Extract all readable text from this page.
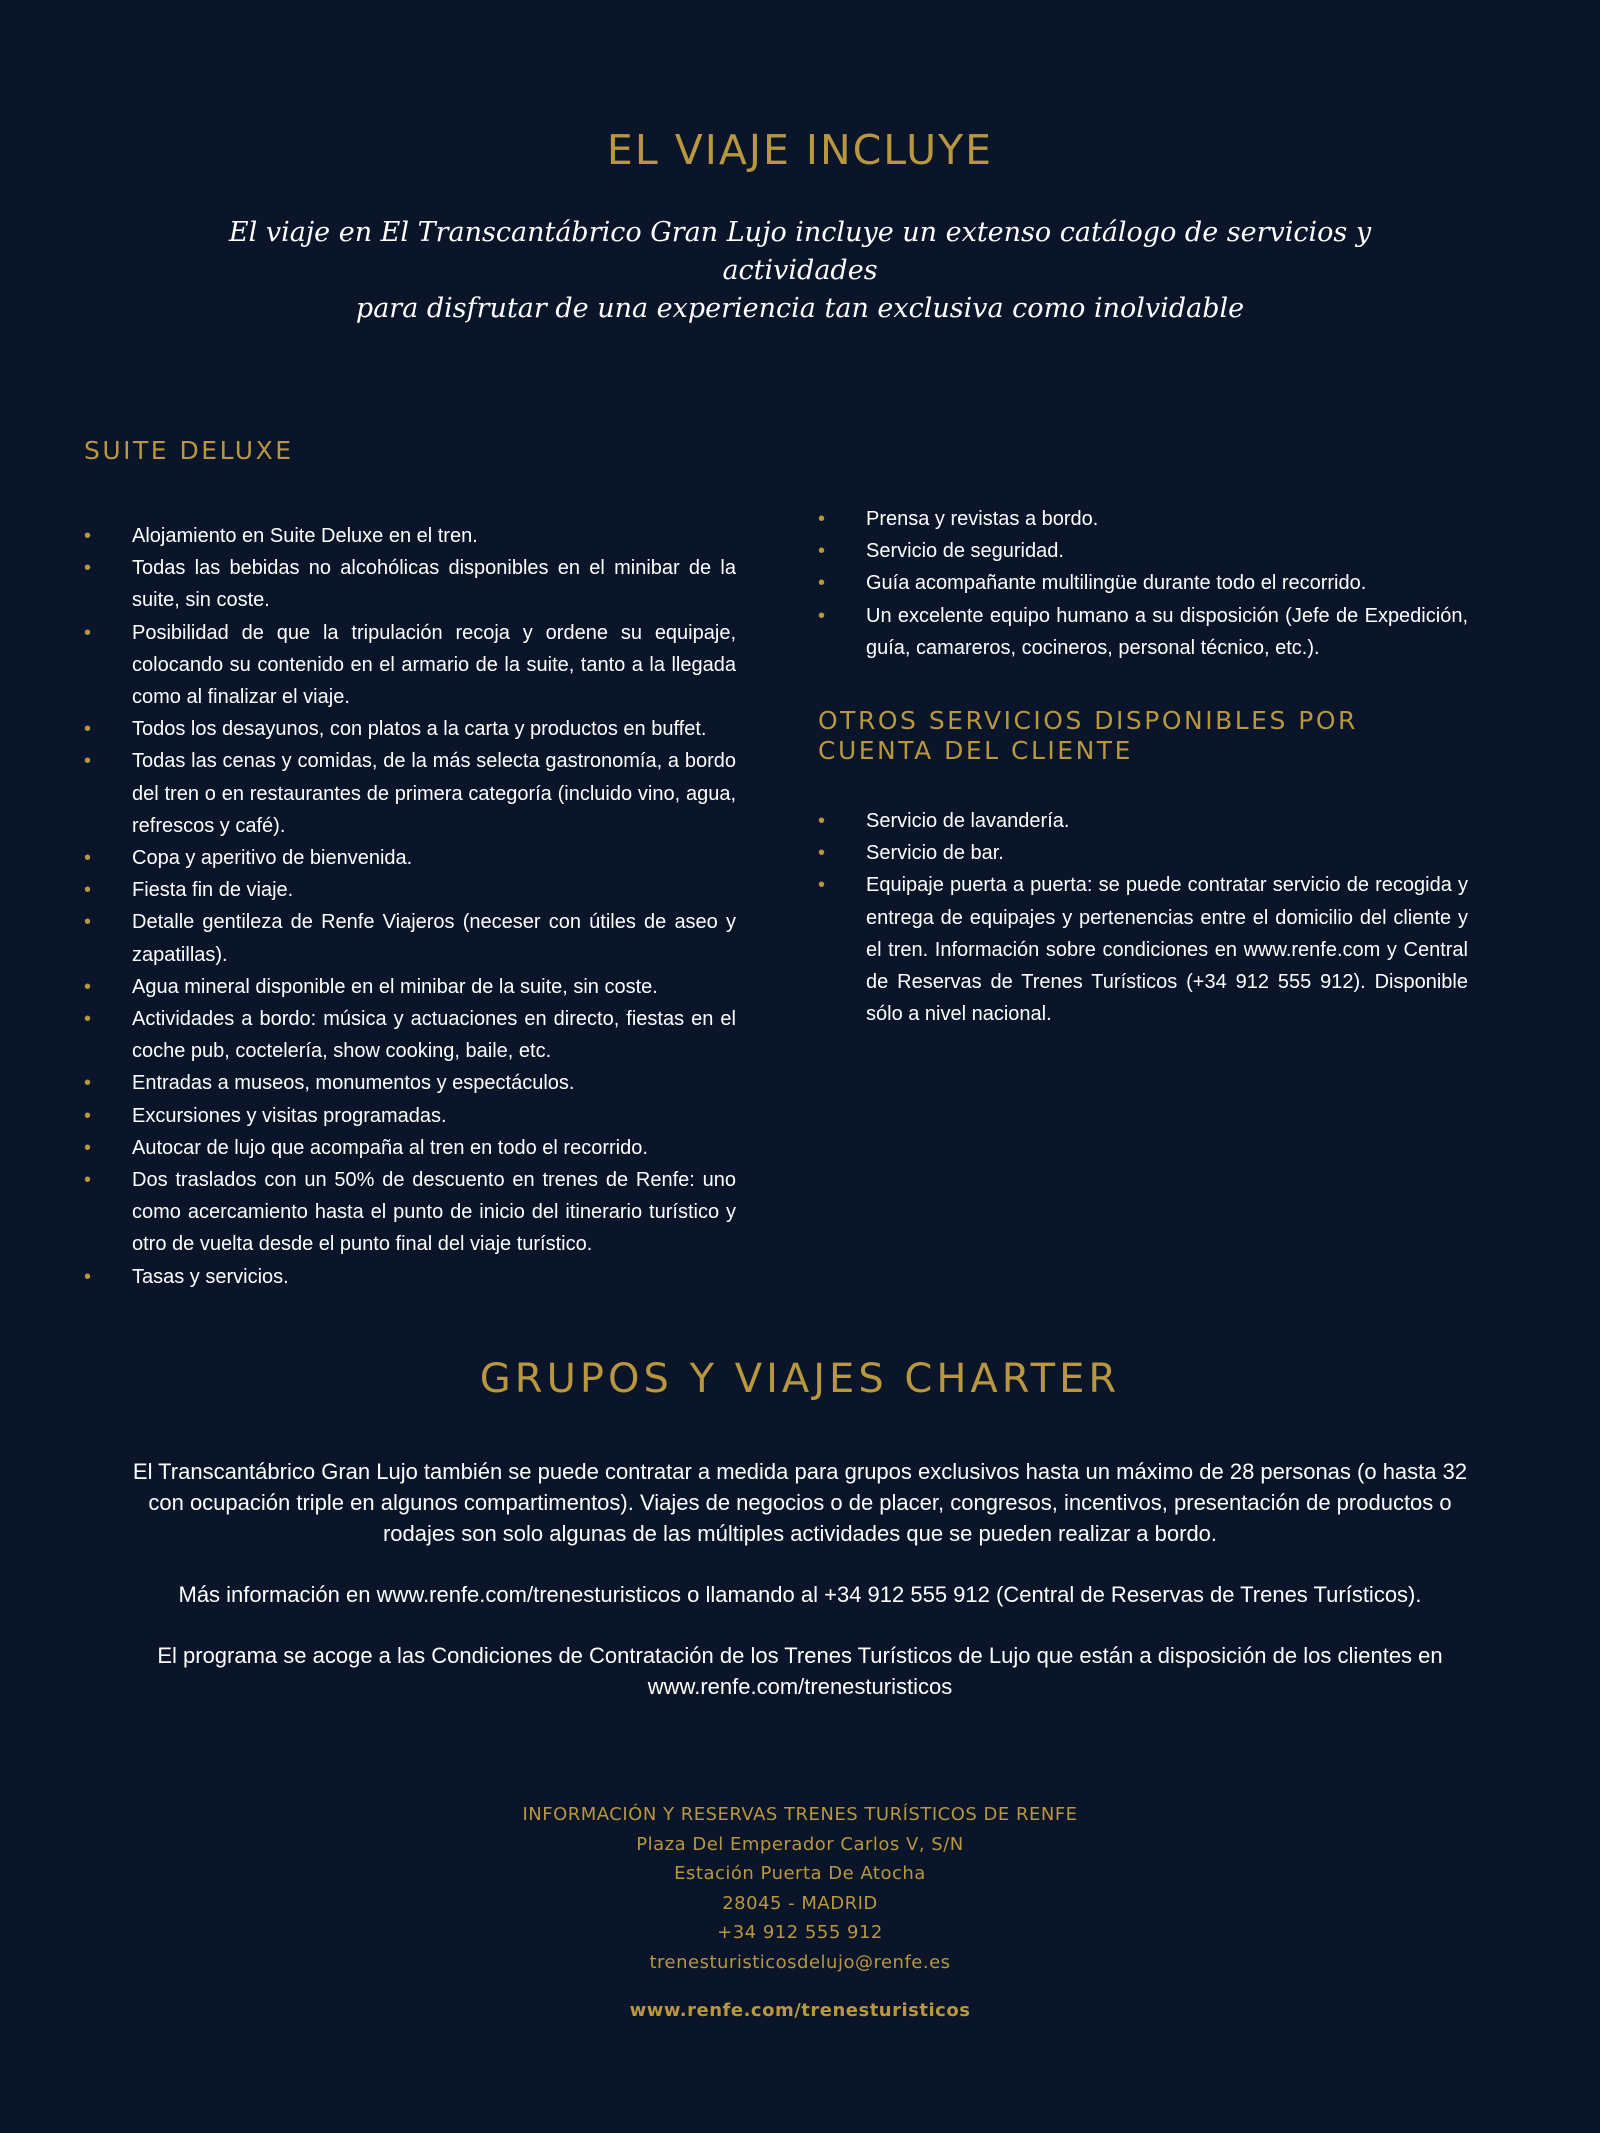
EL VIAJE INCLUYE
El viaje en El Transcantábrico Gran Lujo incluye un extenso catálogo de servicios y actividades
para disfrutar de una experiencia tan exclusiva como inolvidable
SUITE DELUXE
• Alojamiento en Suite Deluxe en el tren.
• Todas las bebidas no alcohólicas disponibles en el minibar de la suite, sin coste.
• Posibilidad de que la tripulación recoja y ordene su equipaje, colocando su contenido en el armario de la suite, tanto a la llegada como al finalizar el viaje.
• Todos los desayunos, con platos a la carta y productos en buffet.
• Todas las cenas y comidas, de la más selecta gastronomía, a bordo del tren o en restaurantes de primera categoría (incluido vino, agua, refrescos y café).
• Copa y aperitivo de bienvenida.
• Fiesta fin de viaje.
• Detalle gentileza de Renfe Viajeros (neceser con útiles de aseo y zapatillas).
• Agua mineral disponible en el minibar de la suite, sin coste.
• Actividades a bordo: música y actuaciones en directo, fiestas en el coche pub, coctelería, show cooking, baile, etc.
• Entradas a museos, monumentos y espectáculos.
• Excursiones y visitas programadas.
• Autocar de lujo que acompaña al tren en todo el recorrido.
• Dos traslados con un 50% de descuento en trenes de Renfe: uno como acercamiento hasta el punto de inicio del itinerario turístico y otro de vuelta desde el punto final del viaje turístico.
• Tasas y servicios.
• Prensa y revistas a bordo.
• Servicio de seguridad.
• Guía acompañante multilingüe durante todo el recorrido.
• Un excelente equipo humano a su disposición (Jefe de Expedición, guía, camareros, cocineros, personal técnico, etc.).
OTROS SERVICIOS DISPONIBLES POR
CUENTA DEL CLIENTE
• Servicio de lavandería.
• Servicio de bar.
• Equipaje puerta a puerta: se puede contratar servicio de recogida y entrega de equipajes y pertenencias entre el domicilio del cliente y el tren. Información sobre condiciones en www.renfe.com y Central de Reservas de Trenes Turísticos (+34 912 555 912). Disponible sólo a nivel nacional.
GRUPOS Y VIAJES CHARTER

El Transcantábrico Gran Lujo también se puede contratar a medida para grupos exclusivos hasta un máximo de 28 personas (o hasta 32 con ocupación triple en algunos compartimentos). Viajes de negocios o de placer, congresos, incentivos, presentación de productos o rodajes son solo algunas de las múltiples actividades que se pueden realizar a bordo.

Más información en www.renfe.com/trenesturisticos o llamando al +34 912 555 912 (Central de Reservas de Trenes Turísticos).

El programa se acoge a las Condiciones de Contratación de los Trenes Turísticos de Lujo que están a disposición de los clientes en www.renfe.com/trenesturisticos

INFORMACIÓN Y RESERVAS TRENES TURÍSTICOS DE RENFE
Plaza Del Emperador Carlos V, S/N
Estación Puerta De Atocha
28045 - MADRID
+34 912 555 912
trenesturisticosdelujo@renfe.es
www.renfe.com/trenesturisticos
